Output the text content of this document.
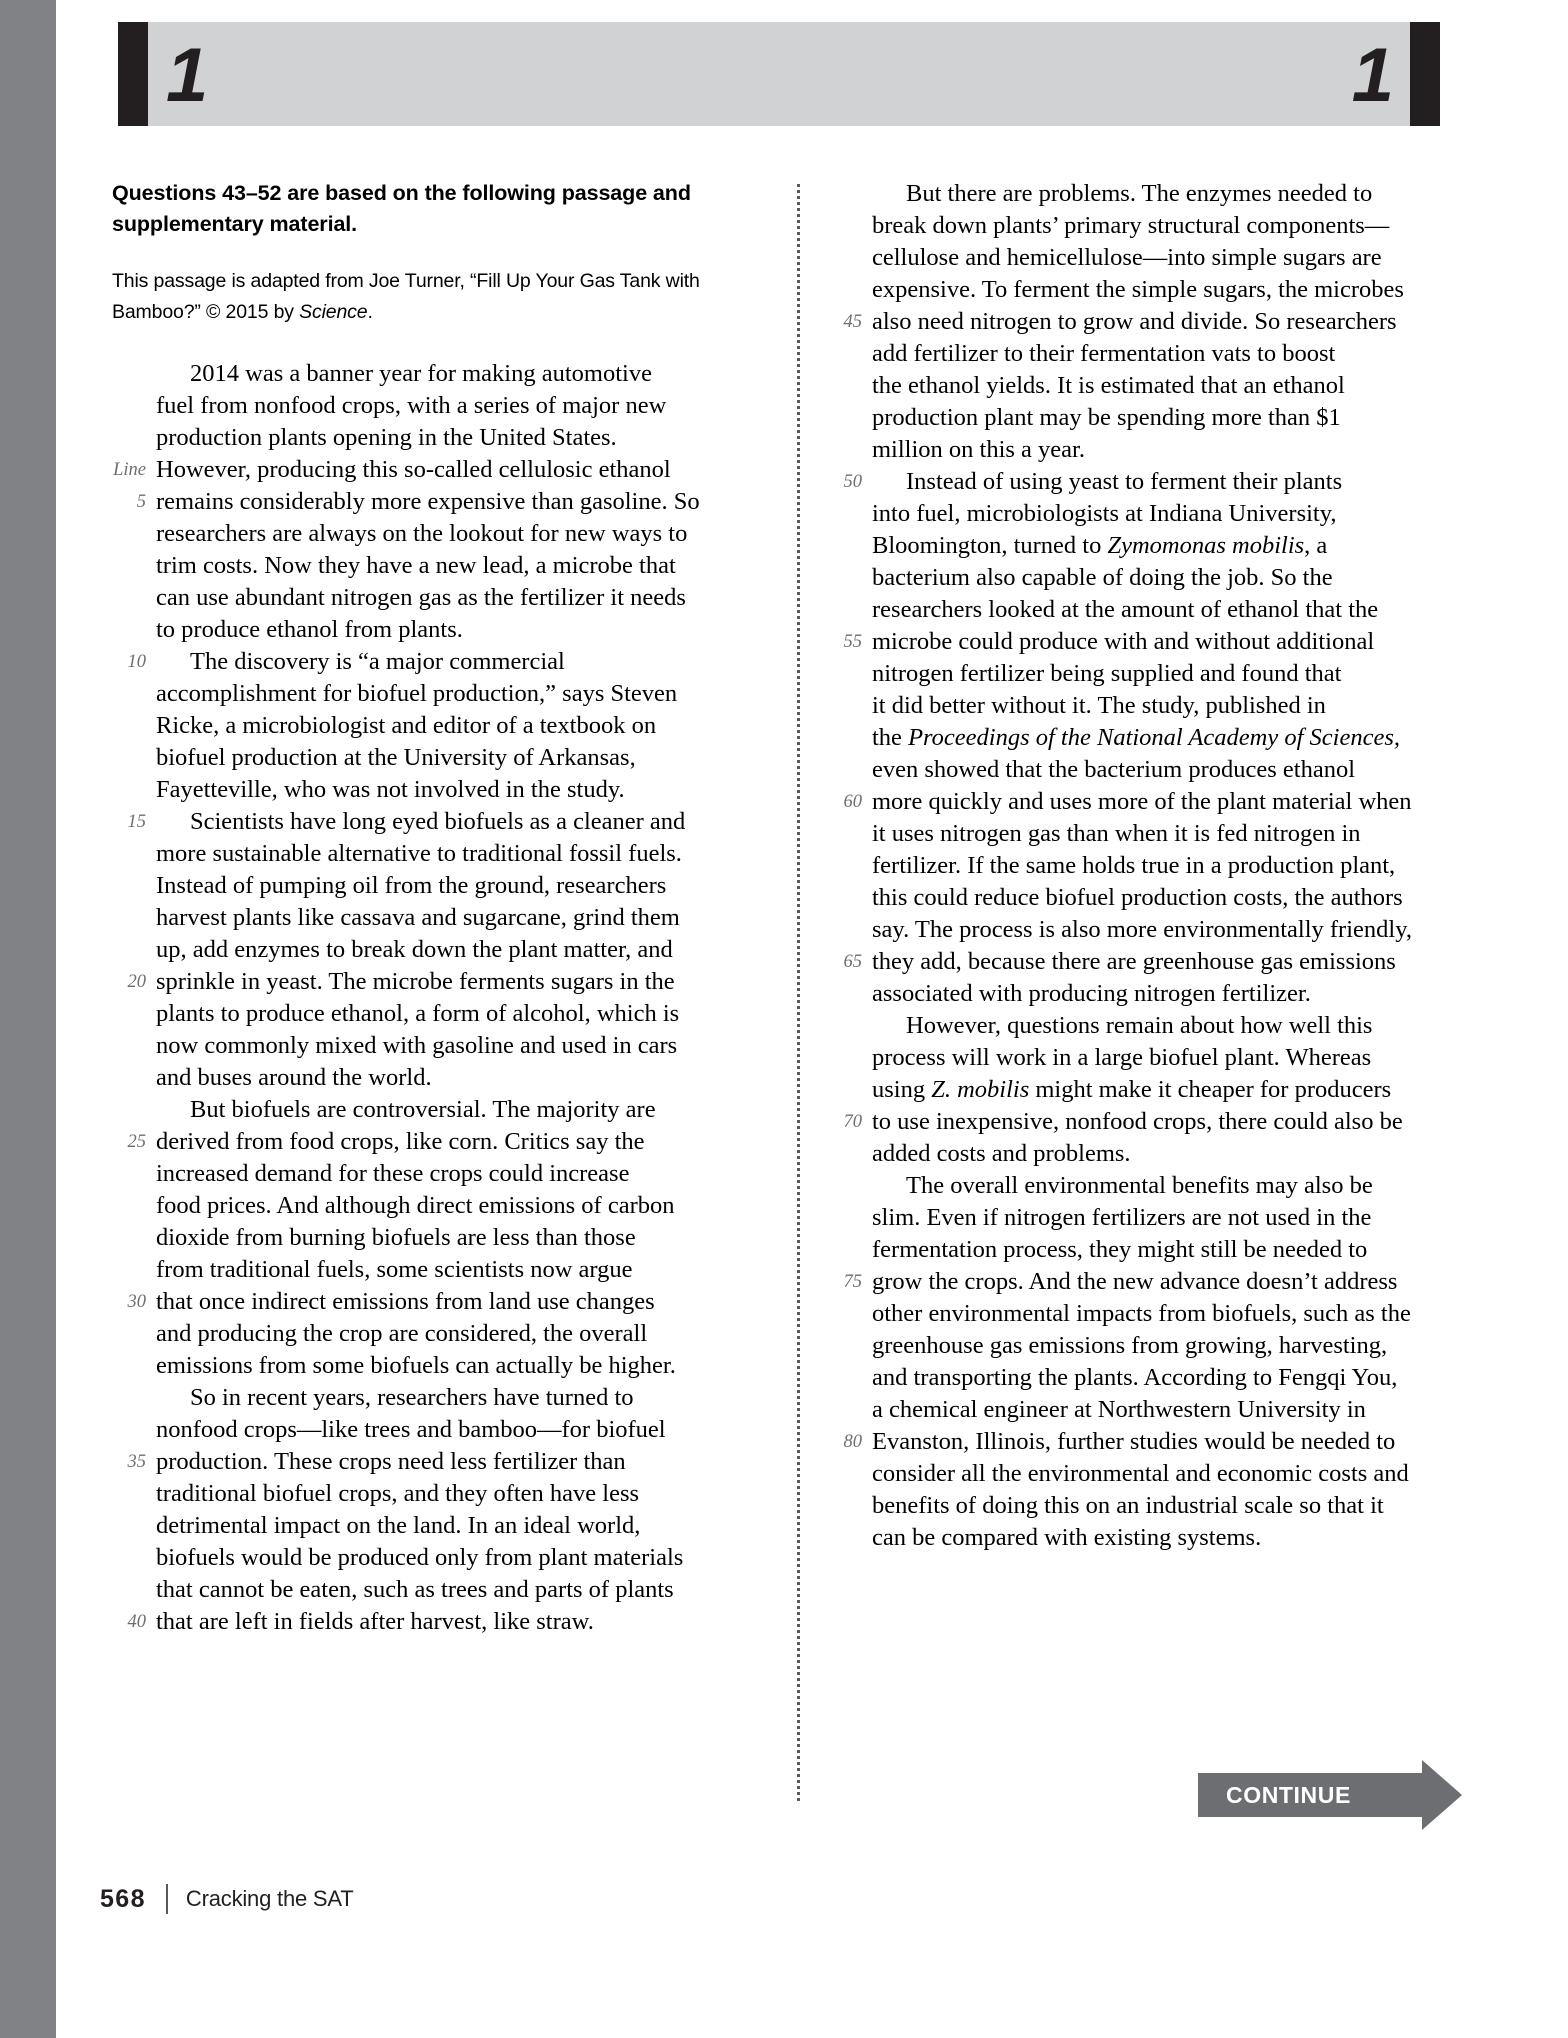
1	1
Questions 43–52 are based on the following passage and supplementary material.
This passage is adapted from Joe Turner, “Fill Up Your Gas Tank with Bamboo?” © 2015 by Science.
2014 was a banner year for making automotive
fuel from nonfood crops, with a series of major new
production plants opening in the United States.
Line However, producing this so-called cellulosic ethanol
5 remains considerably more expensive than gasoline. So
researchers are always on the lookout for new ways to
trim costs. Now they have a new lead, a microbe that
can use abundant nitrogen gas as the fertilizer it needs
to produce ethanol from plants.
10 The discovery is “a major commercial
accomplishment for biofuel production,” says Steven
Ricke, a microbiologist and editor of a textbook on
biofuel production at the University of Arkansas,
Fayetteville, who was not involved in the study.
15 Scientists have long eyed biofuels as a cleaner and
more sustainable alternative to traditional fossil fuels.
Instead of pumping oil from the ground, researchers
harvest plants like cassava and sugarcane, grind them
up, add enzymes to break down the plant matter, and
20 sprinkle in yeast. The microbe ferments sugars in the
plants to produce ethanol, a form of alcohol, which is
now commonly mixed with gasoline and used in cars
and buses around the world.
But biofuels are controversial. The majority are
25 derived from food crops, like corn. Critics say the
increased demand for these crops could increase
food prices. And although direct emissions of carbon
dioxide from burning biofuels are less than those
from traditional fuels, some scientists now argue
30 that once indirect emissions from land use changes
and producing the crop are considered, the overall
emissions from some biofuels can actually be higher.
So in recent years, researchers have turned to
nonfood crops—like trees and bamboo—for biofuel
35 production. These crops need less fertilizer than
traditional biofuel crops, and they often have less
detrimental impact on the land. In an ideal world,
biofuels would be produced only from plant materials
that cannot be eaten, such as trees and parts of plants
40 that are left in fields after harvest, like straw.
But there are problems. The enzymes needed to
break down plants’ primary structural components—
cellulose and hemicellulose—into simple sugars are
expensive. To ferment the simple sugars, the microbes
45 also need nitrogen to grow and divide. So researchers
add fertilizer to their fermentation vats to boost
the ethanol yields. It is estimated that an ethanol
production plant may be spending more than $1
million on this a year.
50 Instead of using yeast to ferment their plants
into fuel, microbiologists at Indiana University,
Bloomington, turned to Zymomonas mobilis, a
bacterium also capable of doing the job. So the
researchers looked at the amount of ethanol that the
55 microbe could produce with and without additional
nitrogen fertilizer being supplied and found that
it did better without it. The study, published in
the Proceedings of the National Academy of Sciences,
even showed that the bacterium produces ethanol
60 more quickly and uses more of the plant material when
it uses nitrogen gas than when it is fed nitrogen in
fertilizer. If the same holds true in a production plant,
this could reduce biofuel production costs, the authors
say. The process is also more environmentally friendly,
65 they add, because there are greenhouse gas emissions
associated with producing nitrogen fertilizer.
However, questions remain about how well this
process will work in a large biofuel plant. Whereas
using Z. mobilis might make it cheaper for producers
70 to use inexpensive, nonfood crops, there could also be
added costs and problems.
The overall environmental benefits may also be
slim. Even if nitrogen fertilizers are not used in the
fermentation process, they might still be needed to
75 grow the crops. And the new advance doesn’t address
other environmental impacts from biofuels, such as the
greenhouse gas emissions from growing, harvesting,
and transporting the plants. According to Fengqi You,
a chemical engineer at Northwestern University in
80 Evanston, Illinois, further studies would be needed to
consider all the environmental and economic costs and
benefits of doing this on an industrial scale so that it
can be compared with existing systems.
CONTINUE
568 Cracking the SAT
